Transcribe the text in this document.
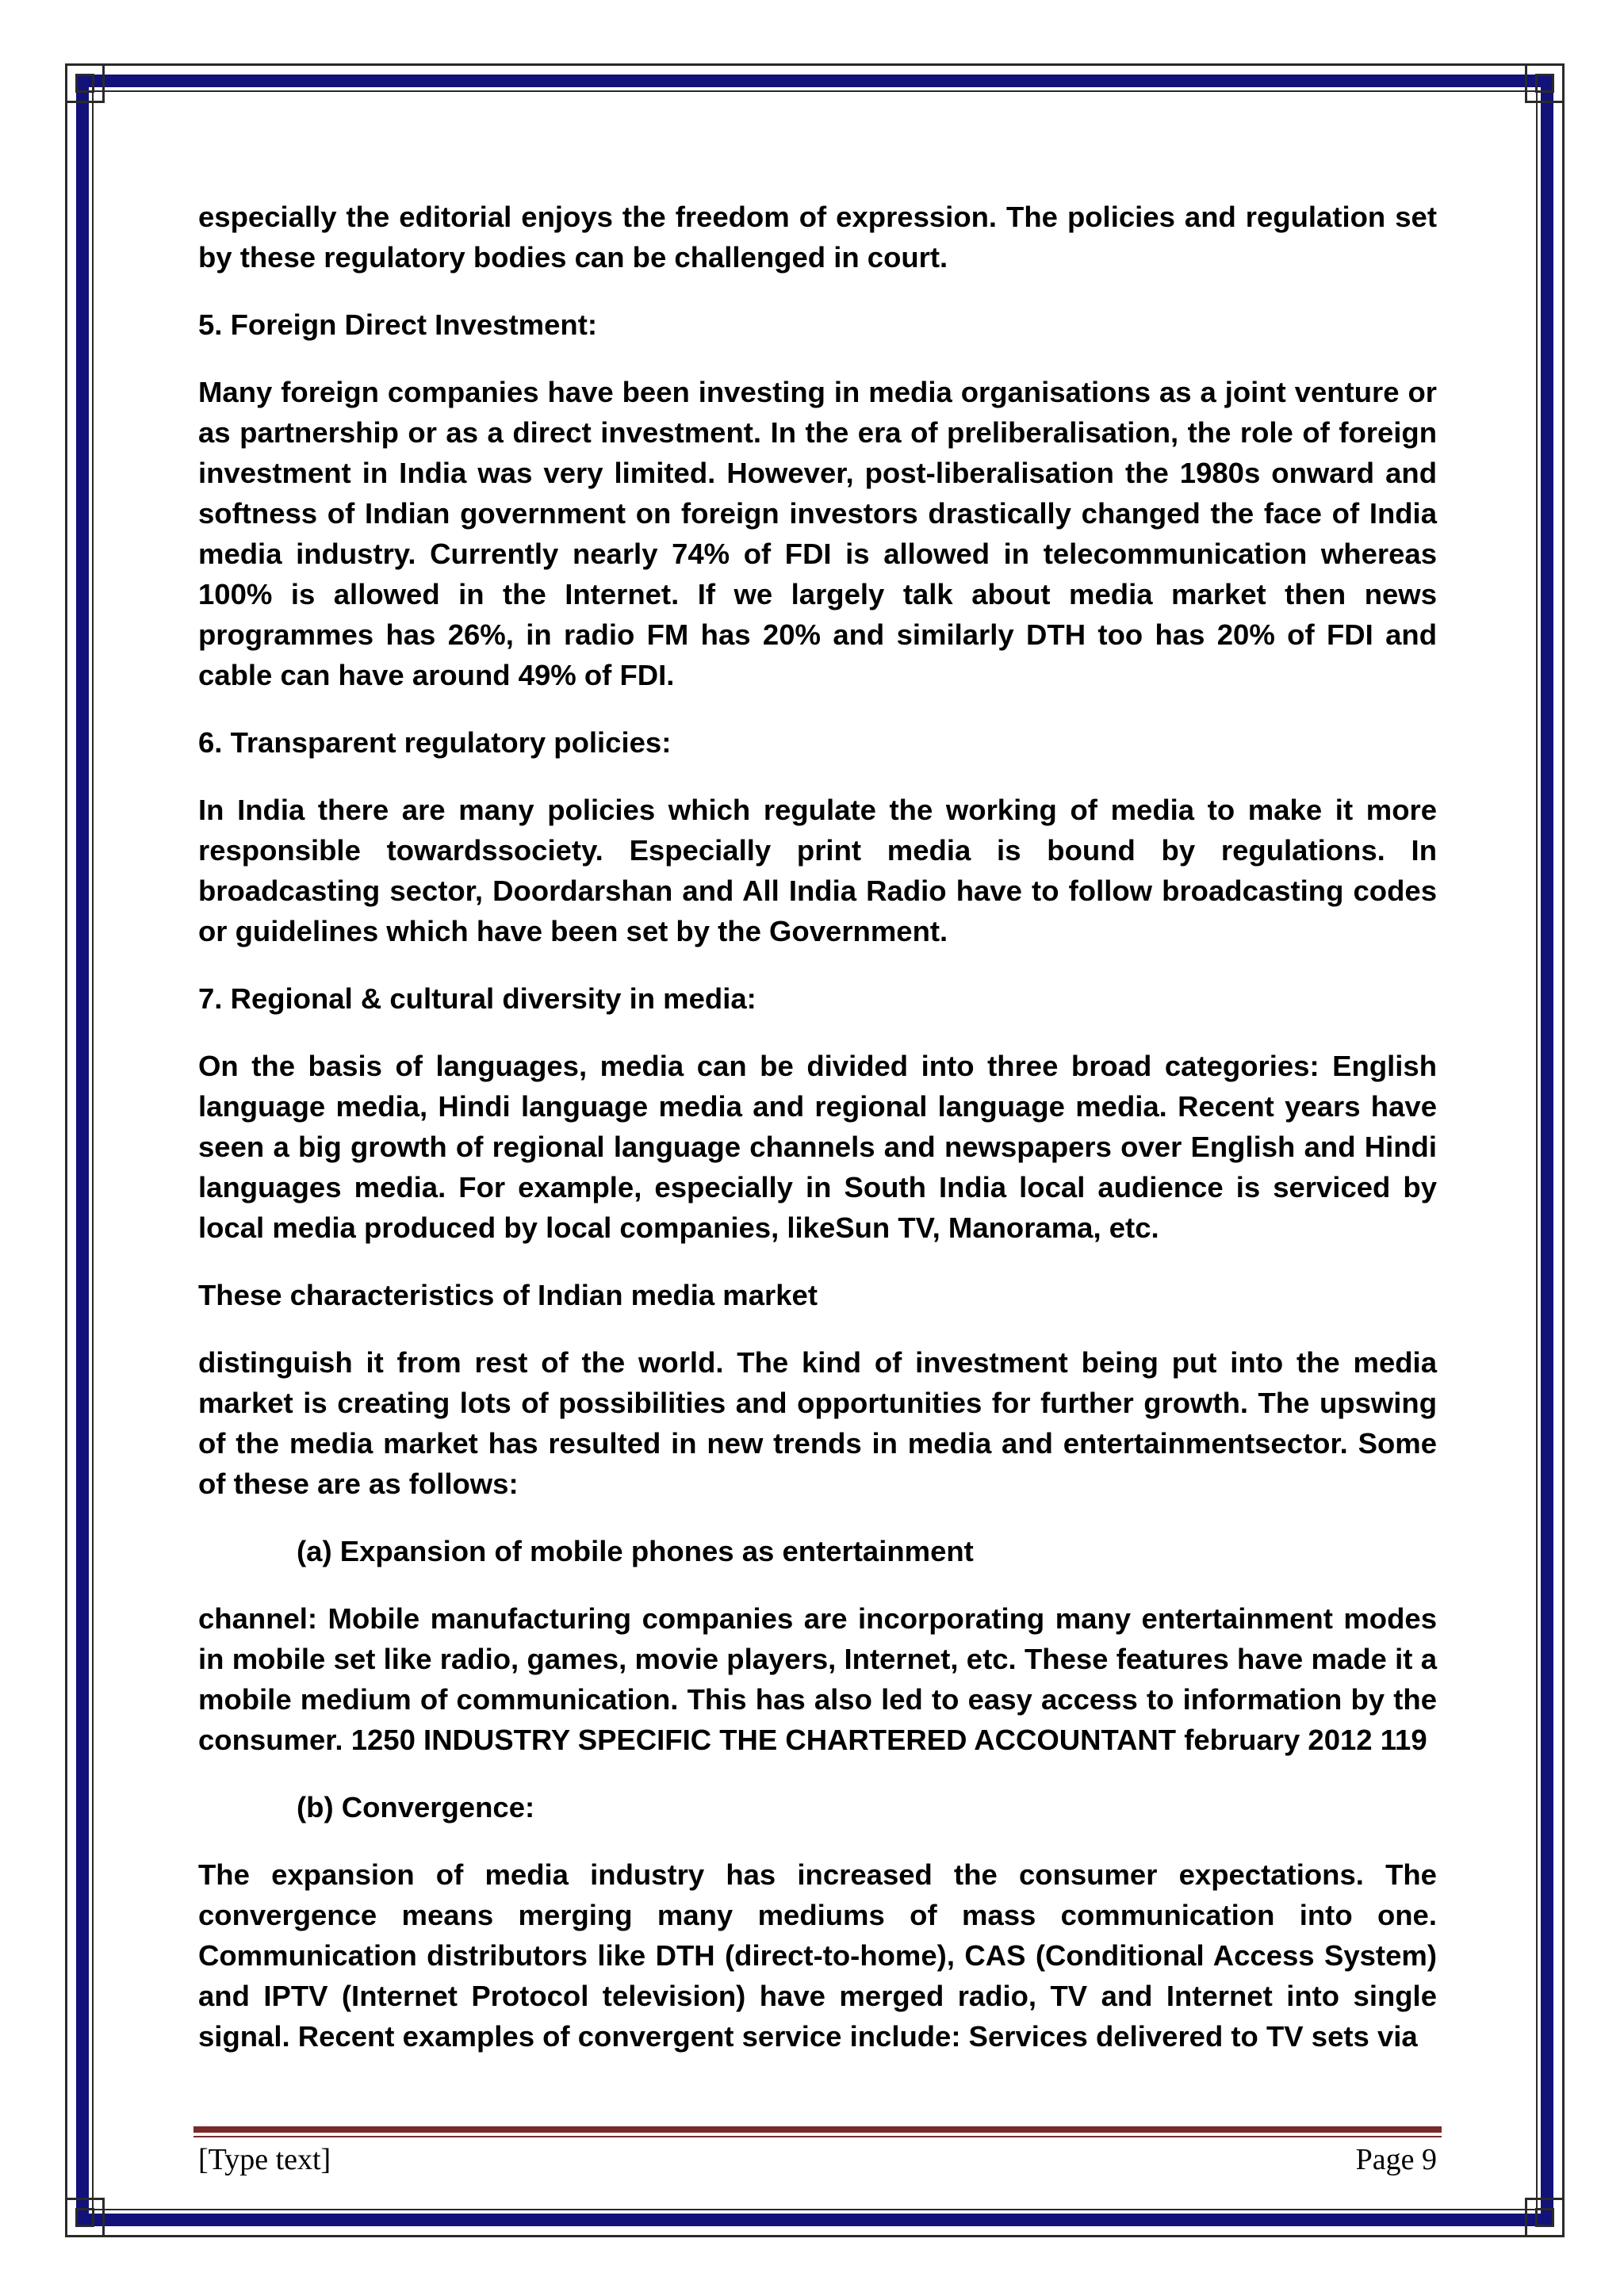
especially the editorial enjoys the freedom of expression. The policies and regulation set by these regulatory bodies can be challenged in court.

5. Foreign Direct Investment:

Many foreign companies have been investing in media organisations as a joint venture or as partnership or as a direct investment. In the era of preliberalisation, the role of foreign investment in India was very limited. However, post-liberalisation the 1980s onward and softness of Indian government on foreign investors drastically changed the face of India media industry. Currently nearly 74% of FDI is allowed in telecommunication whereas 100% is allowed in the Internet. If we largely talk about media market then news programmes has 26%, in radio FM has 20% and similarly DTH too has 20% of FDI and cable can have around 49% of FDI.

6. Transparent regulatory policies:

In India there are many policies which regulate the working of media to make it more responsible towardssociety. Especially print media is bound by regulations. In broadcasting sector, Doordarshan and All India Radio have to follow broadcasting codes or guidelines which have been set by the Government.

7. Regional & cultural diversity in media:

On the basis of languages, media can be divided into three broad categories: English language media, Hindi language media and regional language media. Recent years have seen a big growth of regional language channels and newspapers over English and Hindi languages media. For example, especially in South India local audience is serviced by local media produced by local companies, likeSun TV, Manorama, etc.

These characteristics of Indian media market

distinguish it from rest of the world. The kind of investment being put into the media market is creating lots of possibilities and opportunities for further growth. The upswing of the media market has resulted in new trends in media and entertainmentsector. Some of these are as follows:

(a) Expansion of mobile phones as entertainment

channel: Mobile manufacturing companies are incorporating many entertainment modes in mobile set like radio, games, movie players, Internet, etc. These features have made it a mobile medium of communication. This has also led to easy access to information by the consumer. 1250 INDUSTRY SPECIFIC THE CHARTERED ACCOUNTANT february 2012 119

(b) Convergence:

The expansion of media industry has increased the consumer expectations. The convergence means merging many mediums of mass communication into one. Communication distributors like DTH (direct-to-home), CAS (Conditional Access System) and IPTV (Internet Protocol television) have merged radio, TV and Internet into single signal. Recent examples of convergent service include: Services delivered to TV sets via

[Type text]	Page 9
